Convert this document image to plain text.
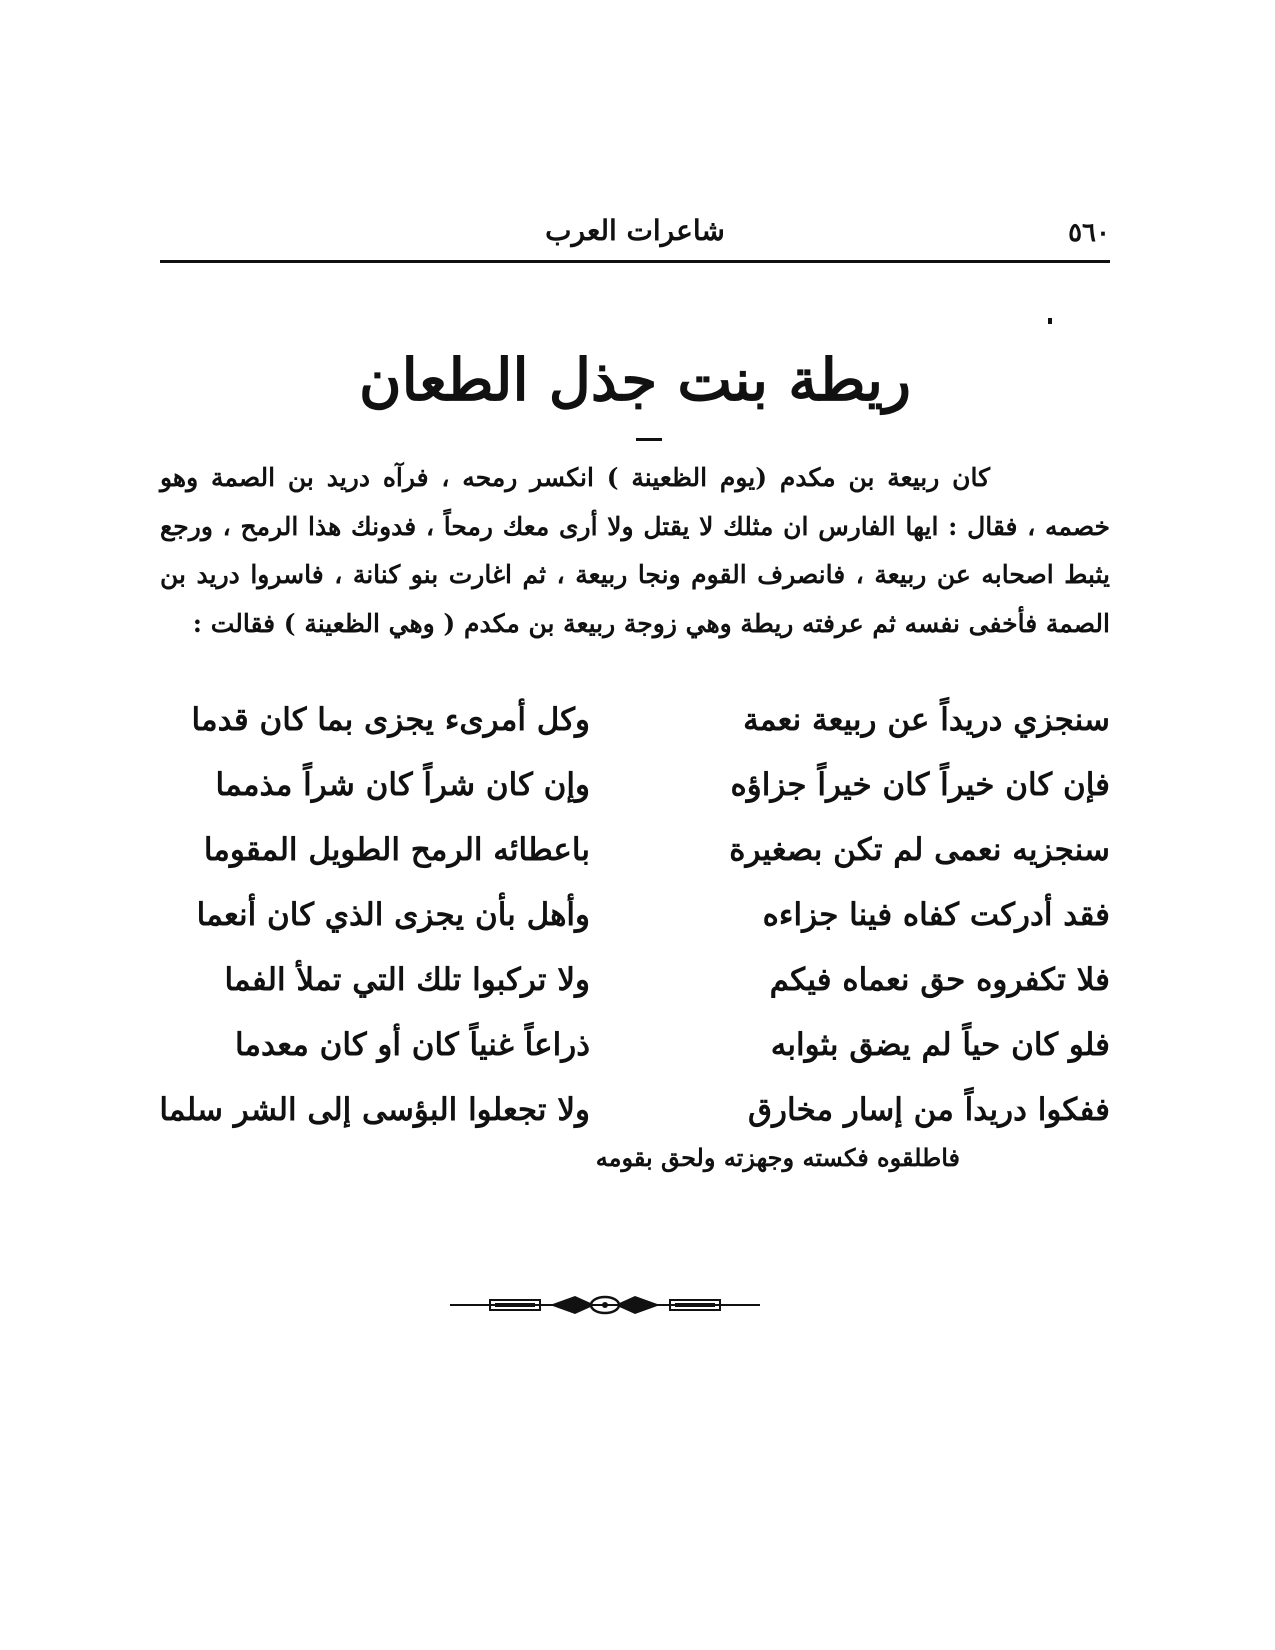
٥٦٠
شاعرات العرب
ريطة بنت جذل الطعان

كان ربيعة بن مكدم (يوم الظعينة ) انكسر رمحه ، فرآه دريد بن الصمة وهو خصمه ، فقال : ايها الفارس ان مثلك لا يقتل ولا أرى معك رمحاً ، فدونك هذا الرمح ، ورجع يثبط اصحابه عن ربيعة ، فانصرف القوم ونجا ربيعة ، ثم اغارت بنو كنانة ، فاسروا دريد بن الصمة فأخفى نفسه ثم عرفته ريطة وهي زوجة ربيعة بن مكدم ( وهي الظعينة ) فقالت :

سنجزي دريداً عن ربيعة نعمة
وكل أمرىء يجزى بما كان قدما
فإن كان خيراً كان خيراً جزاؤه
وإن كان شراً كان شراً مذمما
سنجزيه نعمى لم تكن بصغيرة
باعطائه الرمح الطويل المقوما
فقد أدركت كفاه فينا جزاءه
وأهل بأن يجزى الذي كان أنعما
فلا تكفروه حق نعماه فيكم
ولا تركبوا تلك التي تملأ الفما
فلو كان حياً لم يضق بثوابه
ذراعاً غنياً كان أو كان معدما
ففكوا دريداً من إسار مخارق
ولا تجعلوا البؤسى إلى الشر سلما
فاطلقوه فكسته وجهزته ولحق بقومه
